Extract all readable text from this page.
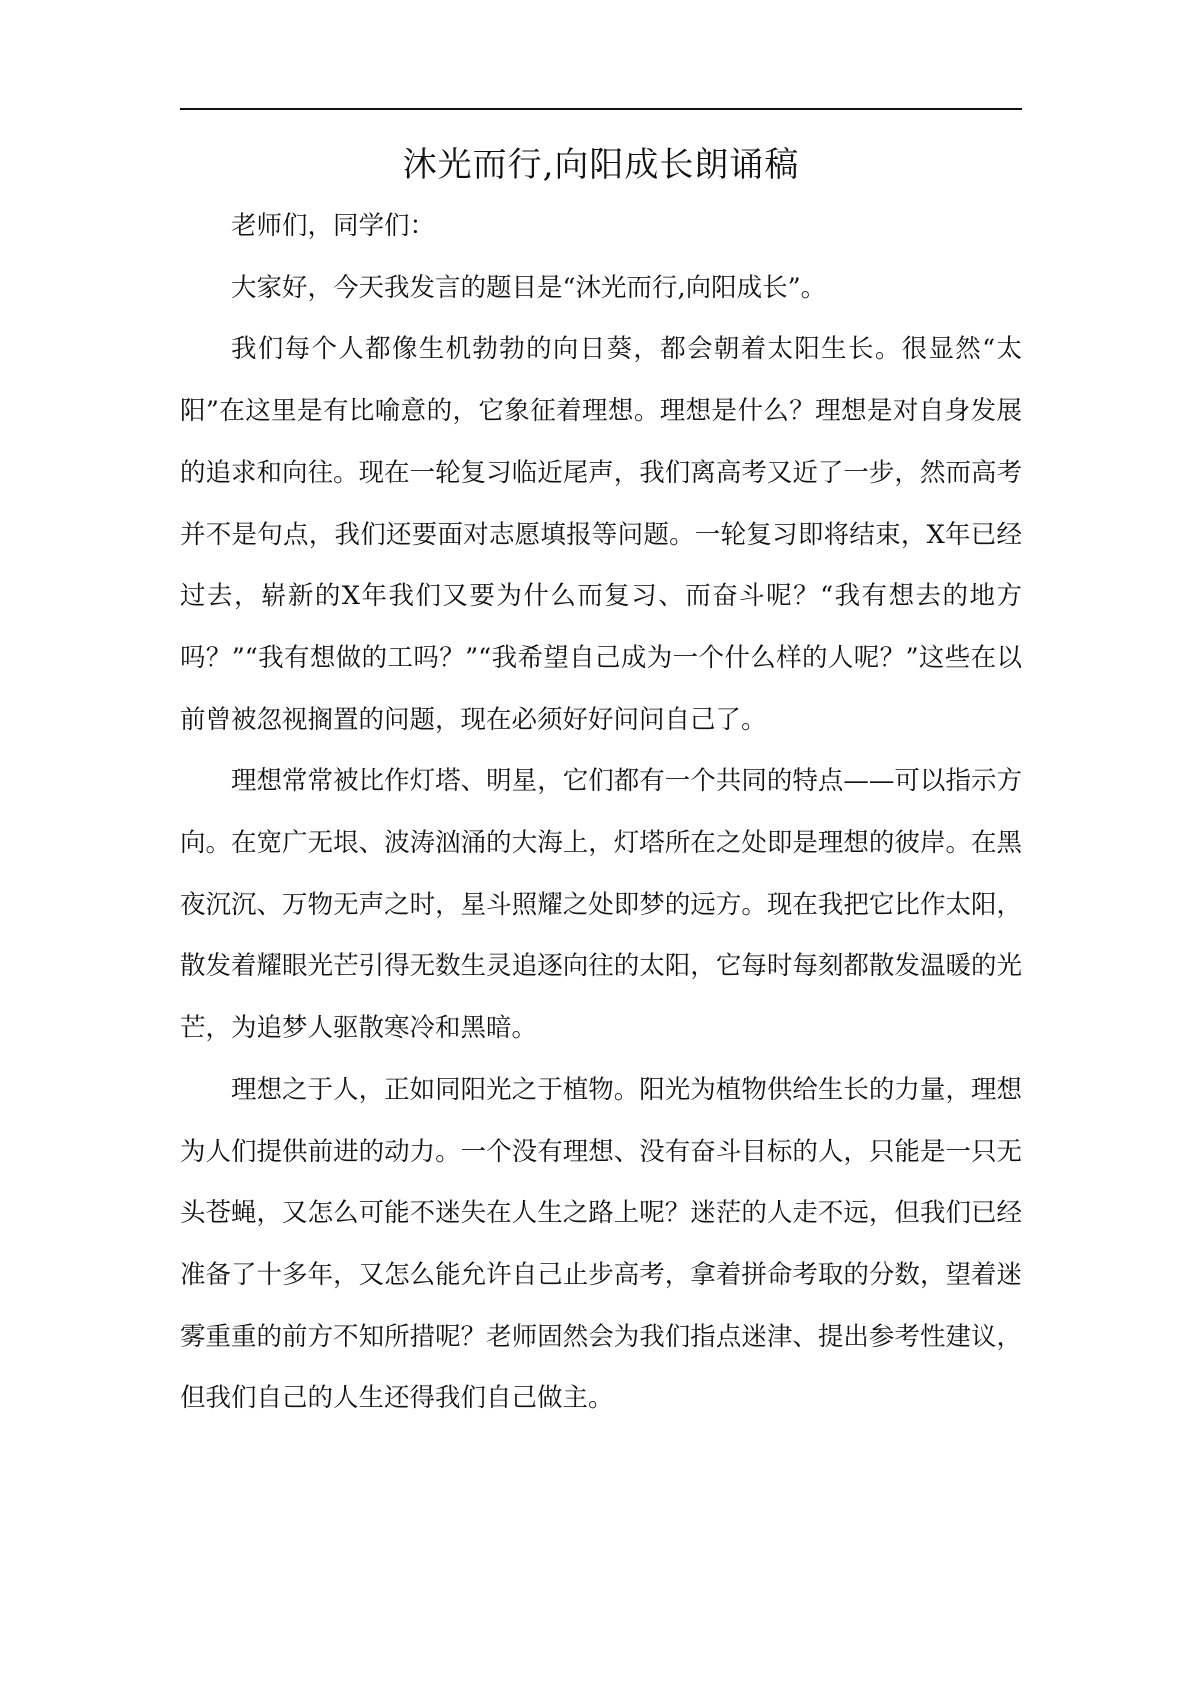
沐光而行,向阳成长朗诵稿

老师们，同学们：

大家好，今天我发言的题目是“沐光而行,向阳成长”。

我们每个人都像生机勃勃的向日葵，都会朝着太阳生长。很显然“太阳”在这里是有比喻意的，它象征着理想。理想是什么？理想是对自身发展的追求和向往。现在一轮复习临近尾声，我们离高考又近了一步，然而高考并不是句点，我们还要面对志愿填报等问题。一轮复习即将结束，X年已经过去，崭新的X年我们又要为什么而复习、而奋斗呢？“我有想去的地方吗？”“我有想做的工吗？”“我希望自己成为一个什么样的人呢？”这些在以前曾被忽视搁置的问题，现在必须好好问问自己了。

理想常常被比作灯塔、明星，它们都有一个共同的特点——可以指示方向。在宽广无垠、波涛汹涌的大海上，灯塔所在之处即是理想的彼岸。在黑夜沉沉、万物无声之时，星斗照耀之处即梦的远方。现在我把它比作太阳，散发着耀眼光芒引得无数生灵追逐向往的太阳，它每时每刻都散发温暖的光芒，为追梦人驱散寒冷和黑暗。

理想之于人，正如同阳光之于植物。阳光为植物供给生长的力量，理想为人们提供前进的动力。一个没有理想、没有奋斗目标的人，只能是一只无头苍蝇，又怎么可能不迷失在人生之路上呢？迷茫的人走不远，但我们已经准备了十多年，又怎么能允许自己止步高考，拿着拼命考取的分数，望着迷雾重重的前方不知所措呢？老师固然会为我们指点迷津、提出参考性建议，但我们自己的人生还得我们自己做主。
